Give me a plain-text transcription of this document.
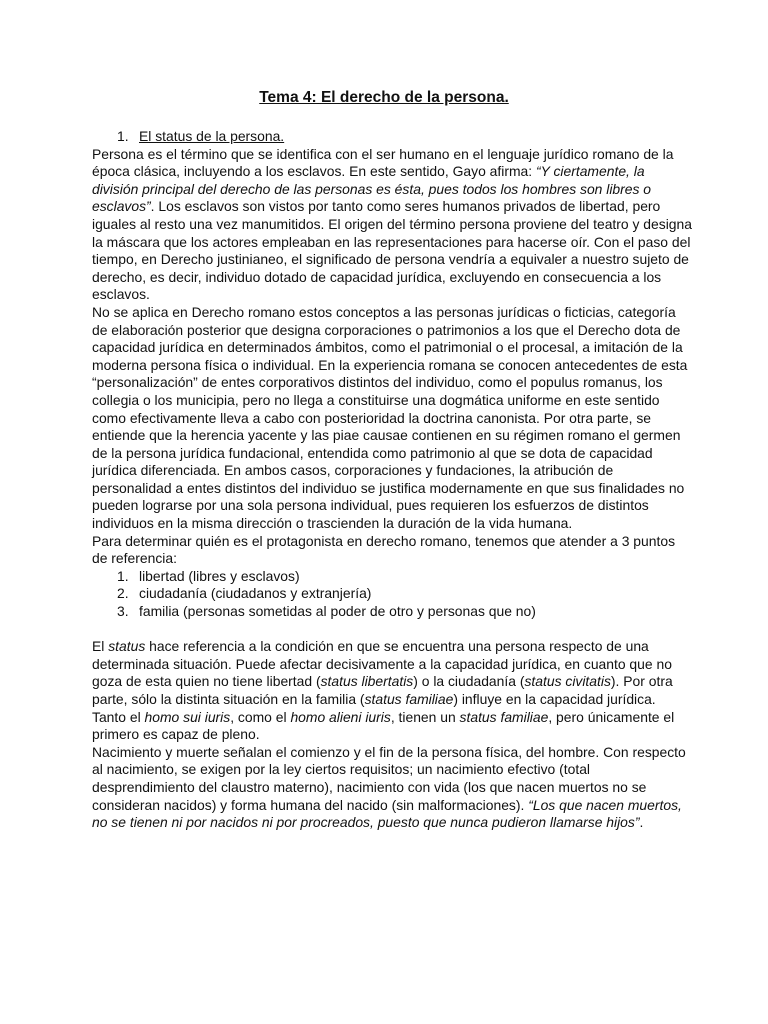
Tema 4: El derecho de la persona.
1. El status de la persona.

Persona es el término que se identifica con el ser humano en el lenguaje jurídico romano de la época clásica, incluyendo a los esclavos. En este sentido, Gayo afirma: “Y ciertamente, la división principal del derecho de las personas es ésta, pues todos los hombres son libres o esclavos”. Los esclavos son vistos por tanto como seres humanos privados de libertad, pero iguales al resto una vez manumitidos. El origen del término persona proviene del teatro y designa la máscara que los actores empleaban en las representaciones para hacerse oír. Con el paso del tiempo, en Derecho justinianeo, el significado de persona vendría a equivaler a nuestro sujeto de derecho, es decir, individuo dotado de capacidad jurídica, excluyendo en consecuencia a los esclavos.

No se aplica en Derecho romano estos conceptos a las personas jurídicas o ficticias, categoría de elaboración posterior que designa corporaciones o patrimonios a los que el Derecho dota de capacidad jurídica en determinados ámbitos, como el patrimonial o el procesal, a imitación de la moderna persona física o individual. En la experiencia romana se conocen antecedentes de esta “personalización” de entes corporativos distintos del individuo, como el populus romanus, los collegia o los municipia, pero no llega a constituirse una dogmática uniforme en este sentido como efectivamente lleva a cabo con posterioridad la doctrina canonista. Por otra parte, se entiende que la herencia yacente y las piae causae contienen en su régimen romano el germen de la persona jurídica fundacional, entendida como patrimonio al que se dota de capacidad jurídica diferenciada. En ambos casos, corporaciones y fundaciones, la atribución de personalidad a entes distintos del individuo se justifica modernamente en que sus finalidades no pueden lograrse por una sola persona individual, pues requieren los esfuerzos de distintos individuos en la misma dirección o trascienden la duración de la vida humana.

Para determinar quién es el protagonista en derecho romano, tenemos que atender a 3 puntos de referencia:

1. libertad (libres y esclavos)
2. ciudadanía (ciudadanos y extranjería)
3. familia (personas sometidas al poder de otro y personas que no)

El status hace referencia a la condición en que se encuentra una persona respecto de una determinada situación. Puede afectar decisivamente a la capacidad jurídica, en cuanto que no goza de esta quien no tiene libertad (status libertatis) o la ciudadanía (status civitatis). Por otra parte, sólo la distinta situación en la familia (status familiae) influye en la capacidad jurídica. Tanto el homo sui iuris, como el homo alieni iuris, tienen un status familiae, pero únicamente el primero es capaz de pleno.

Nacimiento y muerte señalan el comienzo y el fin de la persona física, del hombre. Con respecto al nacimiento, se exigen por la ley ciertos requisitos; un nacimiento efectivo (total desprendimiento del claustro materno), nacimiento con vida (los que nacen muertos no se consideran nacidos) y forma humana del nacido (sin malformaciones). “Los que nacen muertos, no se tienen ni por nacidos ni por procreados, puesto que nunca pudieron llamarse hijos”.
